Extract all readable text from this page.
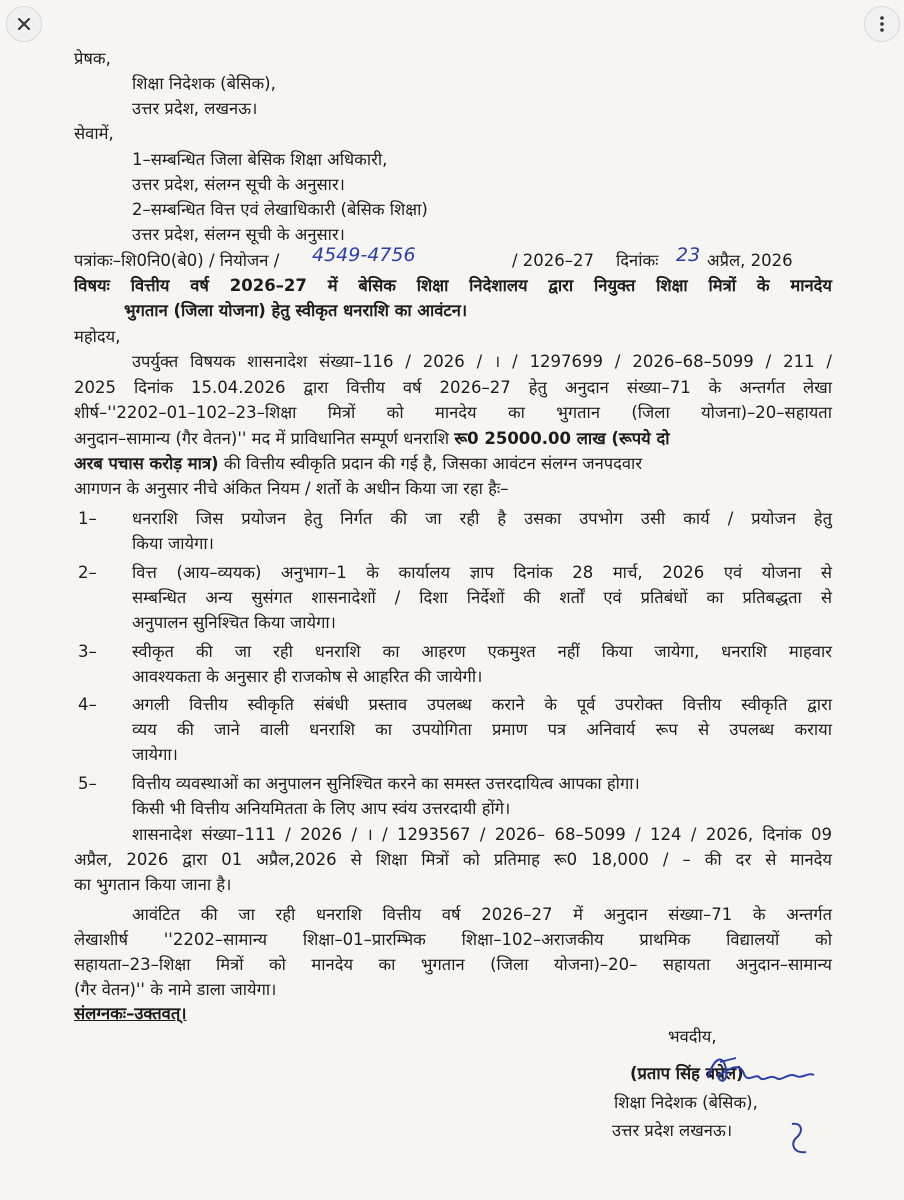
प्रेषक,
शिक्षा निदेशक (बेसिक),
उत्तर प्रदेश, लखनऊ।
सेवामें,
1–सम्बन्धित जिला बेसिक शिक्षा अधिकारी,
उत्तर प्रदेश, संलग्न सूची के अनुसार।
2–सम्बन्धित वित्त एवं लेखाधिकारी (बेसिक शिक्षा)
उत्तर प्रदेश, संलग्न सूची के अनुसार।
पत्रांकः–शि0नि0(बे0) / नियोजन / 4549-4756	/ 2026–27 दिनांकः 23 अप्रैल, 2026
विषयः वित्तीय वर्ष 2026–27 में बेसिक शिक्षा निदेशालय द्वारा नियुक्त शिक्षा मित्रों के मानदेय
भुगतान (जिला योजना) हेतु स्वीकृत धनराशि का आवंटन।
महोदय,
उपर्युक्त विषयक शासनादेश संख्या–116 / 2026 / । / 1297699 / 2026–68–5099 / 211 /
2025 दिनांक 15.04.2026 द्वारा वित्तीय वर्ष 2026–27 हेतु अनुदान संख्या–71 के अन्तर्गत लेखा
शीर्ष–''2202–01–102–23–शिक्षा मित्रों को मानदेय का भुगतान (जिला योजना)–20–सहायता
अनुदान–सामान्य (गैर वेतन)'' मद में प्राविधानित सम्पूर्ण धनराशि रू0 25000.00 लाख (रूपये दो
अरब पचास करोड़ मात्र) की वित्तीय स्वीकृति प्रदान की गई है, जिसका आवंटन संलग्न जनपदवार
आगणन के अनुसार नीचे अंकित नियम / शर्तो के अधीन किया जा रहा हैः–
1– धनराशि जिस प्रयोजन हेतु निर्गत की जा रही है उसका उपभोग उसी कार्य / प्रयोजन हेतु
किया जायेगा।
2– वित्त (आय–व्ययक) अनुभाग–1 के कार्यालय ज्ञाप दिनांक 28 मार्च, 2026 एवं योजना से
सम्बन्धित अन्य सुसंगत शासनादेशों / दिशा निर्देशों की शर्तों एवं प्रतिबंधों का प्रतिबद्धता से
अनुपालन सुनिश्चित किया जायेगा।
3– स्वीकृत की जा रही धनराशि का आहरण एकमुश्त नहीं किया जायेगा, धनराशि माहवार
आवश्यकता के अनुसार ही राजकोष से आहरित की जायेगी।
4– अगली वित्तीय स्वीकृति संबंधी प्रस्ताव उपलब्ध कराने के पूर्व उपरोक्त वित्तीय स्वीकृति द्वारा
व्यय की जाने वाली धनराशि का उपयोगिता प्रमाण पत्र अनिवार्य रूप से उपलब्ध कराया
जायेगा।
5– वित्तीय व्यवस्थाओं का अनुपालन सुनिश्चित करने का समस्त उत्तरदायित्व आपका होगा।
किसी भी वित्तीय अनियमितता के लिए आप स्वंय उत्तरदायी होंगे।
शासनादेश संख्या–111 / 2026 / । / 1293567 / 2026– 68–5099 / 124 / 2026, दिनांक 09
अप्रैल, 2026 द्वारा 01 अप्रैल,2026 से शिक्षा मित्रों को प्रतिमाह रू0 18,000 / – की दर से मानदेय
का भुगतान किया जाना है।
आवंटित की जा रही धनराशि वित्तीय वर्ष 2026–27 में अनुदान संख्या–71 के अन्तर्गत
लेखाशीर्ष ''2202–सामान्य शिक्षा–01–प्रारम्भिक शिक्षा–102–अराजकीय प्राथमिक विद्यालयों को
सहायता–23–शिक्षा मित्रों को मानदेय का भुगतान (जिला योजना)–20– सहायता अनुदान–सामान्य
(गैर वेतन)'' के नामे डाला जायेगा।
संलग्नकः–उक्तवत्।
भवदीय,
(प्रताप सिंह बघेल)
शिक्षा निदेशक (बेसिक),
उत्तर प्रदेश लखनऊ।
